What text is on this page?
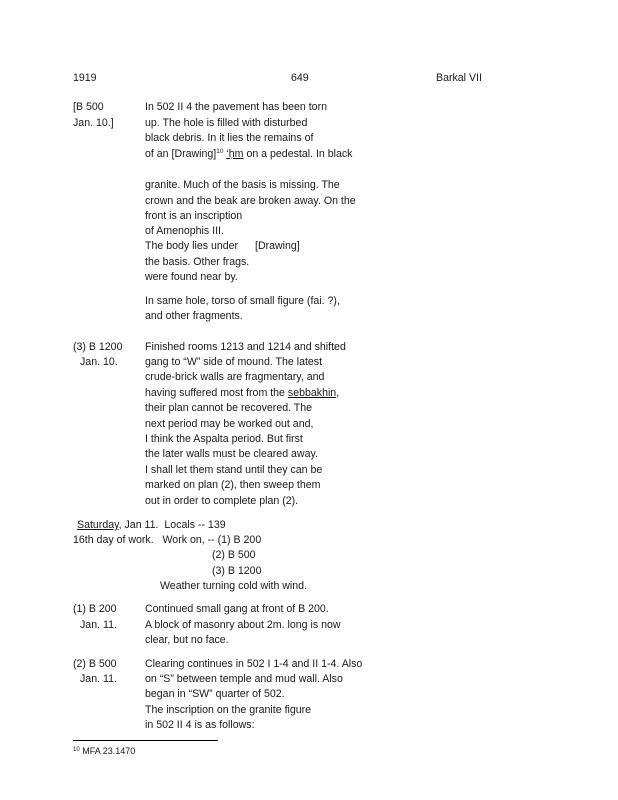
1919	649	Barkal VII
[B 500
Jan. 10.]
In 502 II 4 the pavement has been torn
up. The hole is filled with disturbed
black debris. In it lies the remains of
of an [Drawing]$^{10}$ ‘ḥm on a pedestal. In black
granite. Much of the basis is missing. The
crown and the beak are broken away. On the
front is an inscription
of Amenophis III.
The body lies under [Drawing]
the basis. Other frags.
were found near by.
In same hole, torso of small figure (fai. ?),
and other fragments.
(3) B 1200
Jan. 10.
Finished rooms 1213 and 1214 and shifted
gang to “W” side of mound. The latest
crude-brick walls are fragmentary, and
having suffered most from the sebbakhin,
their plan cannot be recovered. The
next period may be worked out and,
I think the Aspalta period. But first
the later walls must be cleared away.
I shall let them stand until they can be
marked on plan (2), then sweep them
out in order to complete plan (2).
Saturday, Jan 11.  Locals -- 139
16th day of work.   Work on, -- (1) B 200
(2) B 500
(3) B 1200
Weather turning cold with wind.
(1) B 200
Jan. 11.
Continued small gang at front of B 200.
A block of masonry about 2m. long is now
clear, but no face.
(2) B 500
Jan. 11.
Clearing continues in 502 I 1-4 and II 1-4. Also
on “S” between temple and mud wall. Also
began in “SW” quarter of 502.
The inscription on the granite figure
in 502 II 4 is as follows:
$^{10}$ MFA 23.1470
